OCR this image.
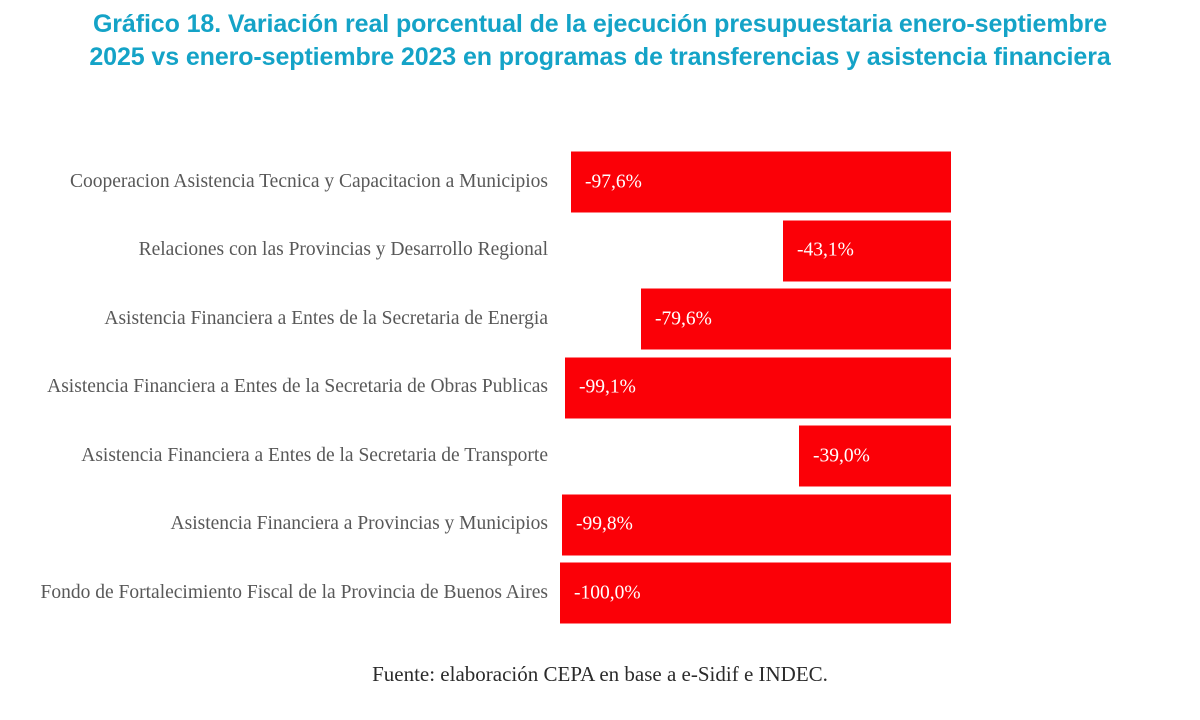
Gráfico 18. Variación real porcentual de la ejecución presupuestaria enero-septiembre 2025 vs enero-septiembre 2023 en programas de transferencias y asistencia financiera
Cooperacion Asistencia Tecnica y Capacitacion a Municipios	-97,6%
Relaciones con las Provincias y Desarrollo Regional	-43,1%
Asistencia Financiera a Entes de la Secretaria de Energia	-79,6%
Asistencia Financiera a Entes de la Secretaria de Obras Publicas	-99,1%
Asistencia Financiera a Entes de la Secretaria de Transporte	-39,0%
Asistencia Financiera a Provincias y Municipios	-99,8%
Fondo de Fortalecimiento Fiscal de la Provincia de Buenos Aires	-100,0%
Fuente: elaboración CEPA en base a e-Sidif e INDEC.
